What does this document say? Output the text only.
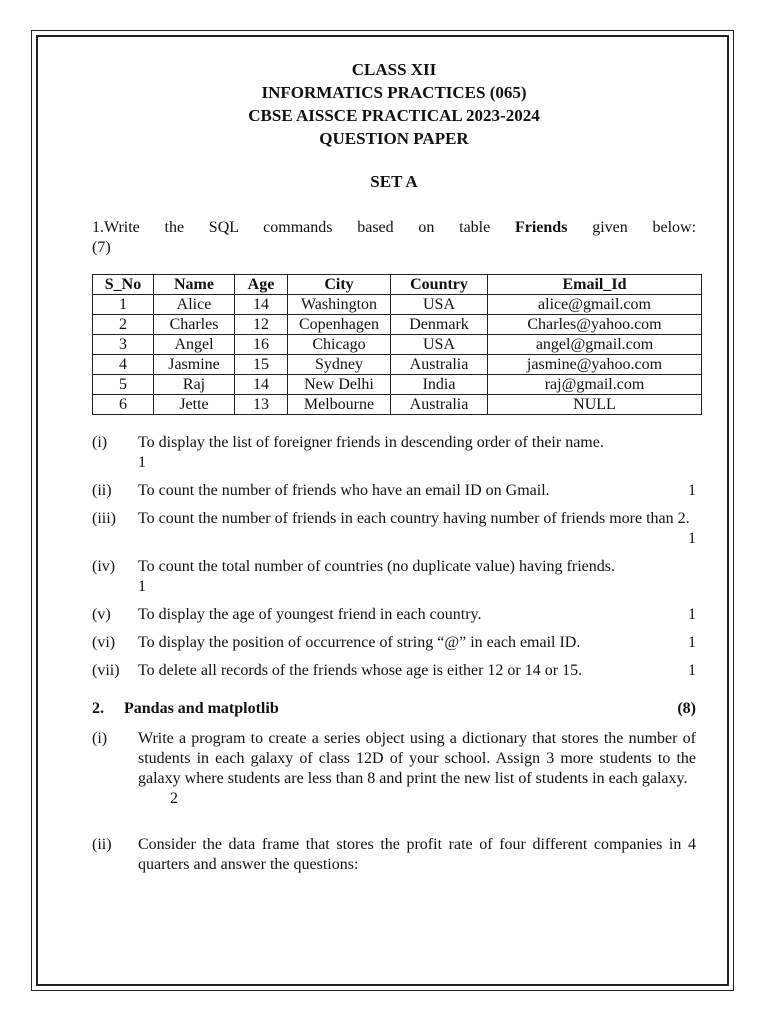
CLASS XII
INFORMATICS PRACTICES (065)
CBSE AISSCE PRACTICAL 2023-2024
QUESTION PAPER
SET A
1.Write the SQL commands based on table Friends given below:
(7)
S_No	Name	Age	City	Country	Email_Id
1	Alice	14	Washington	USA	alice@gmail.com
2	Charles	12	Copenhagen	Denmark	Charles@yahoo.com
3	Angel	16	Chicago	USA	angel@gmail.com
4	Jasmine	15	Sydney	Australia	jasmine@yahoo.com
5	Raj	14	New Delhi	India	raj@gmail.com
6	Jette	13	Melbourne	Australia	NULL
(i)	To display the list of foreigner friends in descending order of their name.
1
(ii)	To count the number of friends who have an email ID on Gmail.	1
(iii)	To count the number of friends in each country having number of friends more than 2.
1
(iv)	To count the total number of countries (no duplicate value) having friends.
1
(v)	To display the age of youngest friend in each country.	1
(vi)	To display the position of occurrence of string “@” in each email ID.	1
(vii)	To delete all records of the friends whose age is either 12 or 14 or 15.	1
2.	Pandas and matplotlib	(8)
(i)	Write a program to create a series object using a dictionary that stores the number of students in each galaxy of class 12D of your school. Assign 3 more students to the galaxy where students are less than 8 and print the new list of students in each galaxy.
2
(ii)	Consider the data frame that stores the profit rate of four different companies in 4 quarters and answer the questions:
